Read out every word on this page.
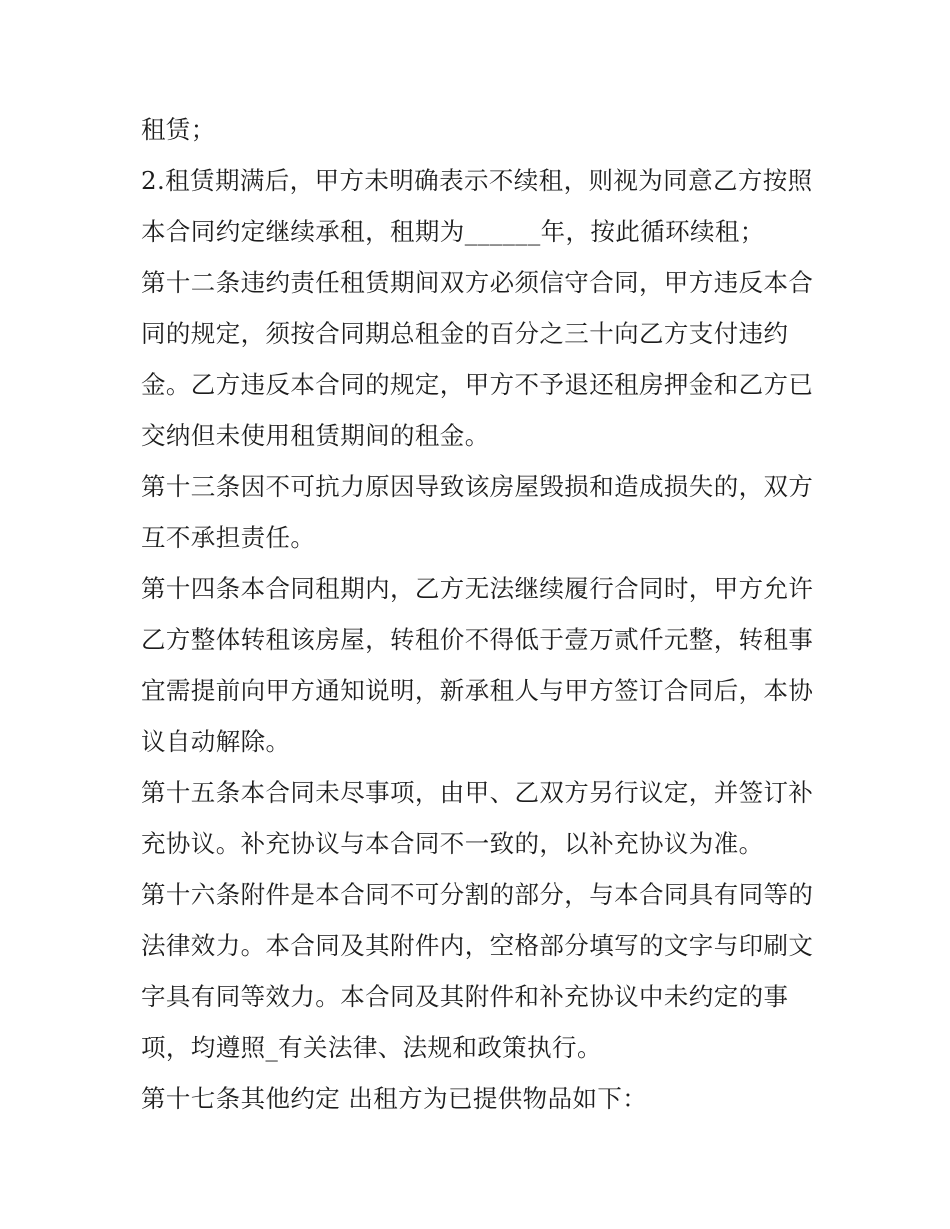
租赁；
2.租赁期满后，甲方未明确表示不续租，则视为同意乙方按照
本合同约定继续承租，租期为______年，按此循环续租；
第十二条违约责任租赁期间双方必须信守合同，甲方违反本合
同的规定，须按合同期总租金的百分之三十向乙方支付违约
金。乙方违反本合同的规定，甲方不予退还租房押金和乙方已
交纳但未使用租赁期间的租金。
第十三条因不可抗力原因导致该房屋毁损和造成损失的，双方
互不承担责任。
第十四条本合同租期内，乙方无法继续履行合同时，甲方允许
乙方整体转租该房屋，转租价不得低于壹万贰仟元整，转租事
宜需提前向甲方通知说明，新承租人与甲方签订合同后，本协
议自动解除。
第十五条本合同未尽事项，由甲、乙双方另行议定，并签订补
充协议。补充协议与本合同不一致的，以补充协议为准。
第十六条附件是本合同不可分割的部分，与本合同具有同等的
法律效力。本合同及其附件内，空格部分填写的文字与印刷文
字具有同等效力。本合同及其附件和补充协议中未约定的事
项，均遵照_有关法律、法规和政策执行。
第十七条其他约定 出租方为已提供物品如下：
